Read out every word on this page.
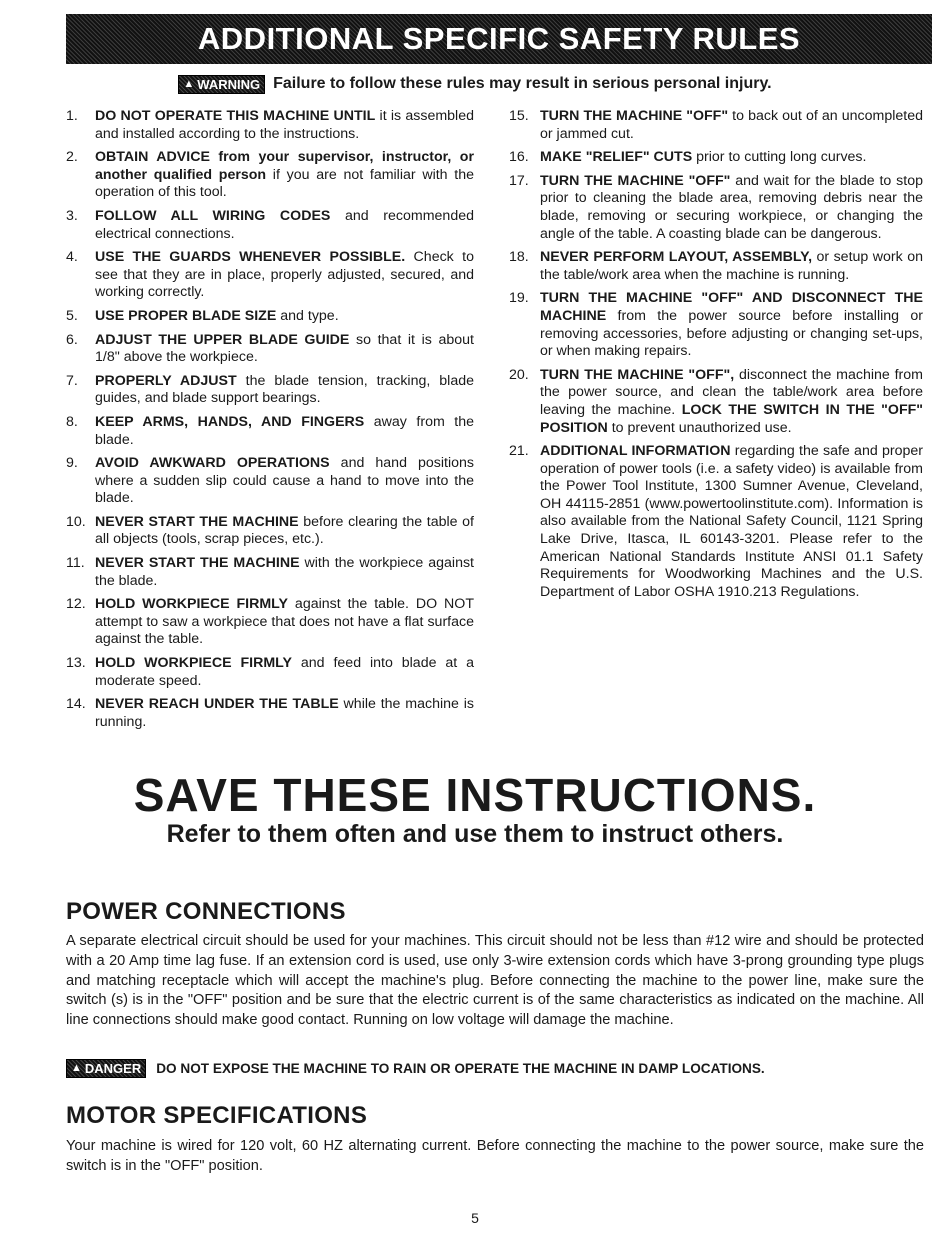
ADDITIONAL SPECIFIC SAFETY RULES
▲ WARNING Failure to follow these rules may result in serious personal injury.
1.	DO NOT OPERATE THIS MACHINE UNTIL it is assembled and installed according to the instructions.
2.	OBTAIN ADVICE from your supervisor, instructor, or another qualified person if you are not familiar with the operation of this tool.
3.	FOLLOW ALL WIRING CODES and recommended electrical connections.
4.	USE THE GUARDS WHENEVER POSSIBLE. Check to see that they are in place, properly adjusted, secured, and working correctly.
5.	USE PROPER BLADE SIZE and type.
6.	ADJUST THE UPPER BLADE GUIDE so that it is about 1/8" above the workpiece.
7.	PROPERLY ADJUST the blade tension, tracking, blade guides, and blade support bearings.
8.	KEEP ARMS, HANDS, AND FINGERS away from the blade.
9.	AVOID AWKWARD OPERATIONS and hand positions where a sudden slip could cause a hand to move into the blade.
10. NEVER START THE MACHINE before clearing the table of all objects (tools, scrap pieces, etc.).
11. NEVER START THE MACHINE with the workpiece against the blade.
12. HOLD WORKPIECE FIRMLY against the table. DO NOT attempt to saw a workpiece that does not have a flat surface against the table.
13. HOLD WORKPIECE FIRMLY and feed into blade at a moderate speed.
14. NEVER REACH UNDER THE TABLE while the machine is running.
15. TURN THE MACHINE "OFF" to back out of an uncompleted or jammed cut.
16. MAKE "RELIEF" CUTS prior to cutting long curves.
17. TURN THE MACHINE "OFF" and wait for the blade to stop prior to cleaning the blade area, removing debris near the blade, removing or securing workpiece, or changing the angle of the table. A coasting blade can be dangerous.
18. NEVER PERFORM LAYOUT, ASSEMBLY, or setup work on the table/work area when the machine is running.
19. TURN THE MACHINE "OFF" AND DISCONNECT THE MACHINE from the power source before installing or removing accessories, before adjusting or changing set-ups, or when making repairs.
20. TURN THE MACHINE "OFF", disconnect the machine from the power source, and clean the table/work area before leaving the machine. LOCK THE SWITCH IN THE "OFF" POSITION to prevent unauthorized use.
21. ADDITIONAL INFORMATION regarding the safe and proper operation of power tools (i.e. a safety video) is available from the Power Tool Institute, 1300 Sumner Avenue, Cleveland, OH 44115-2851 (www.powertoolinstitute.com). Information is also available from the National Safety Council, 1121 Spring Lake Drive, Itasca, IL 60143-3201. Please refer to the American National Standards Institute ANSI 01.1 Safety Requirements for Woodworking Machines and the U.S. Department of Labor OSHA 1910.213 Regulations.
SAVE THESE INSTRUCTIONS.
Refer to them often and use them to instruct others.
POWER CONNECTIONS
A separate electrical circuit should be used for your machines. This circuit should not be less than #12 wire and should be protected with a 20 Amp time lag fuse. If an extension cord is used, use only 3-wire extension cords which have 3-prong grounding type plugs and matching receptacle which will accept the machine's plug. Before connecting the machine to the power line, make sure the switch (s) is in the "OFF" position and be sure that the electric current is of the same characteristics as indicated on the machine. All line connections should make good contact. Running on low voltage will damage the machine.
▲ DANGER DO NOT EXPOSE THE MACHINE TO RAIN OR OPERATE THE MACHINE IN DAMP LOCATIONS.
MOTOR SPECIFICATIONS
Your machine is wired for 120 volt, 60 HZ alternating current. Before connecting the machine to the power source, make sure the switch is in the "OFF" position.
5
